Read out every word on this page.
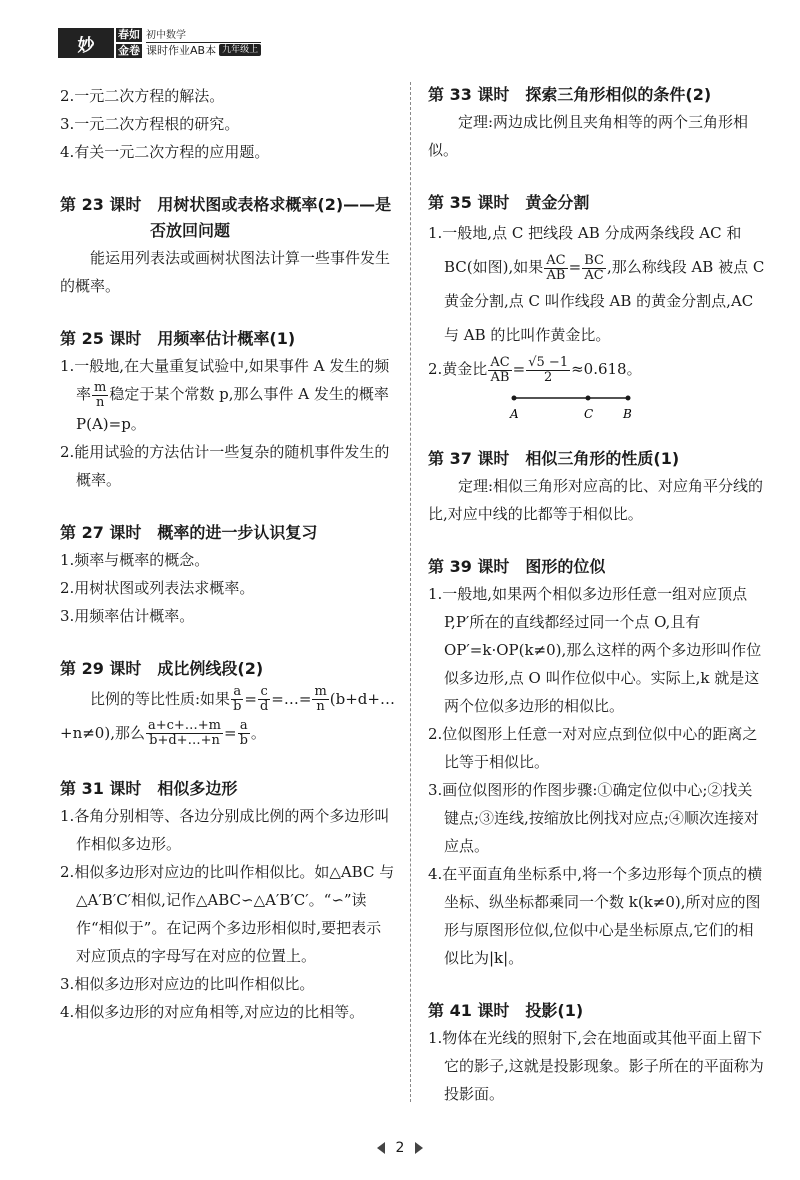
妙
春如
金卷
初中数学
课时作业AB本 九年级上

2.一元二次方程的解法。

3.一元二次方程根的研究。

4.有关一元二次方程的应用题。

第 23 课时　用树状图或表格求概率(2)——是
否放回问题

能运用列表法或画树状图法计算一些事件发生的概率。

第 25 课时　用频率估计概率(1)

1.一般地,在大量重复试验中,如果事件 A 发生的频率 $\frac{m}{n}$ 稳定于某个常数 p,那么事件 A 发生的概率P(A)=p。

2.能用试验的方法估计一些复杂的随机事件发生的概率。

第 27 课时　概率的进一步认识复习

1.频率与概率的概念。

2.用树状图或列表法求概率。

3.用频率估计概率。

第 29 课时　成比例线段(2)

比例的等比性质:如果 $\frac{a}{b} = \frac{c}{d}$ =…= $\frac{m}{n}$ (b+d+…+n≠0),那么 $\frac{a+c+\dots+m}{b+d+\dots+n} = \frac{a}{b}$ 。

第 31 课时　相似多边形

1.各角分别相等、各边分别成比例的两个多边形叫作相似多边形。

2.相似多边形对应边的比叫作相似比。如△ABC 与△A′B′C′相似,记作△ABC∽△A′B′C′。“∽”读作“相似于”。在记两个多边形相似时,要把表示对应顶点的字母写在对应的位置上。

3.相似多边形对应边的比叫作相似比。

4.相似多边形的对应角相等,对应边的比相等。

第 33 课时　探索三角形相似的条件(2)

定理:两边成比例且夹角相等的两个三角形相似。

第 35 课时　黄金分割

1.一般地,点 C 把线段 AB 分成两条线段 AC 和 BC(如图),如果 $\frac{AC}{AB} = \frac{BC}{AC}$ ,那么称线段 AB 被点 C 黄金分割,点 C 叫作线段 AB 的黄金分割点,AC 与 AB 的比叫作黄金比。

2.黄金比 $\frac{AC}{AB} = \frac{√5 -1}{2} \approx 0.618$。

A	C B
第 37 课时　相似三角形的性质(1)

定理:相似三角形对应高的比、对应角平分线的比,对应中线的比都等于相似比。

第 39 课时　图形的位似

1.一般地,如果两个相似多边形任意一组对应顶点 P,P′所在的直线都经过同一个点 O,且有 OP′=k·OP(k≠0),那么这样的两个多边形叫作位似多边形,点 O 叫作位似中心。实际上,k 就是这两个位似多边形的相似比。

2.位似图形上任意一对对应点到位似中心的距离之比等于相似比。

3.画位似图形的作图步骤:①确定位似中心;②找关键点;③连线,按缩放比例找对应点;④顺次连接对应点。

4.在平面直角坐标系中,将一个多边形每个顶点的横坐标、纵坐标都乘同一个数 k(k≠0),所对应的图形与原图形位似,位似中心是坐标原点,它们的相似比为|k|。

第 41 课时　投影(1)

1.物体在光线的照射下,会在地面或其他平面上留下它的影子,这就是投影现象。影子所在的平面称为投影面。

2
